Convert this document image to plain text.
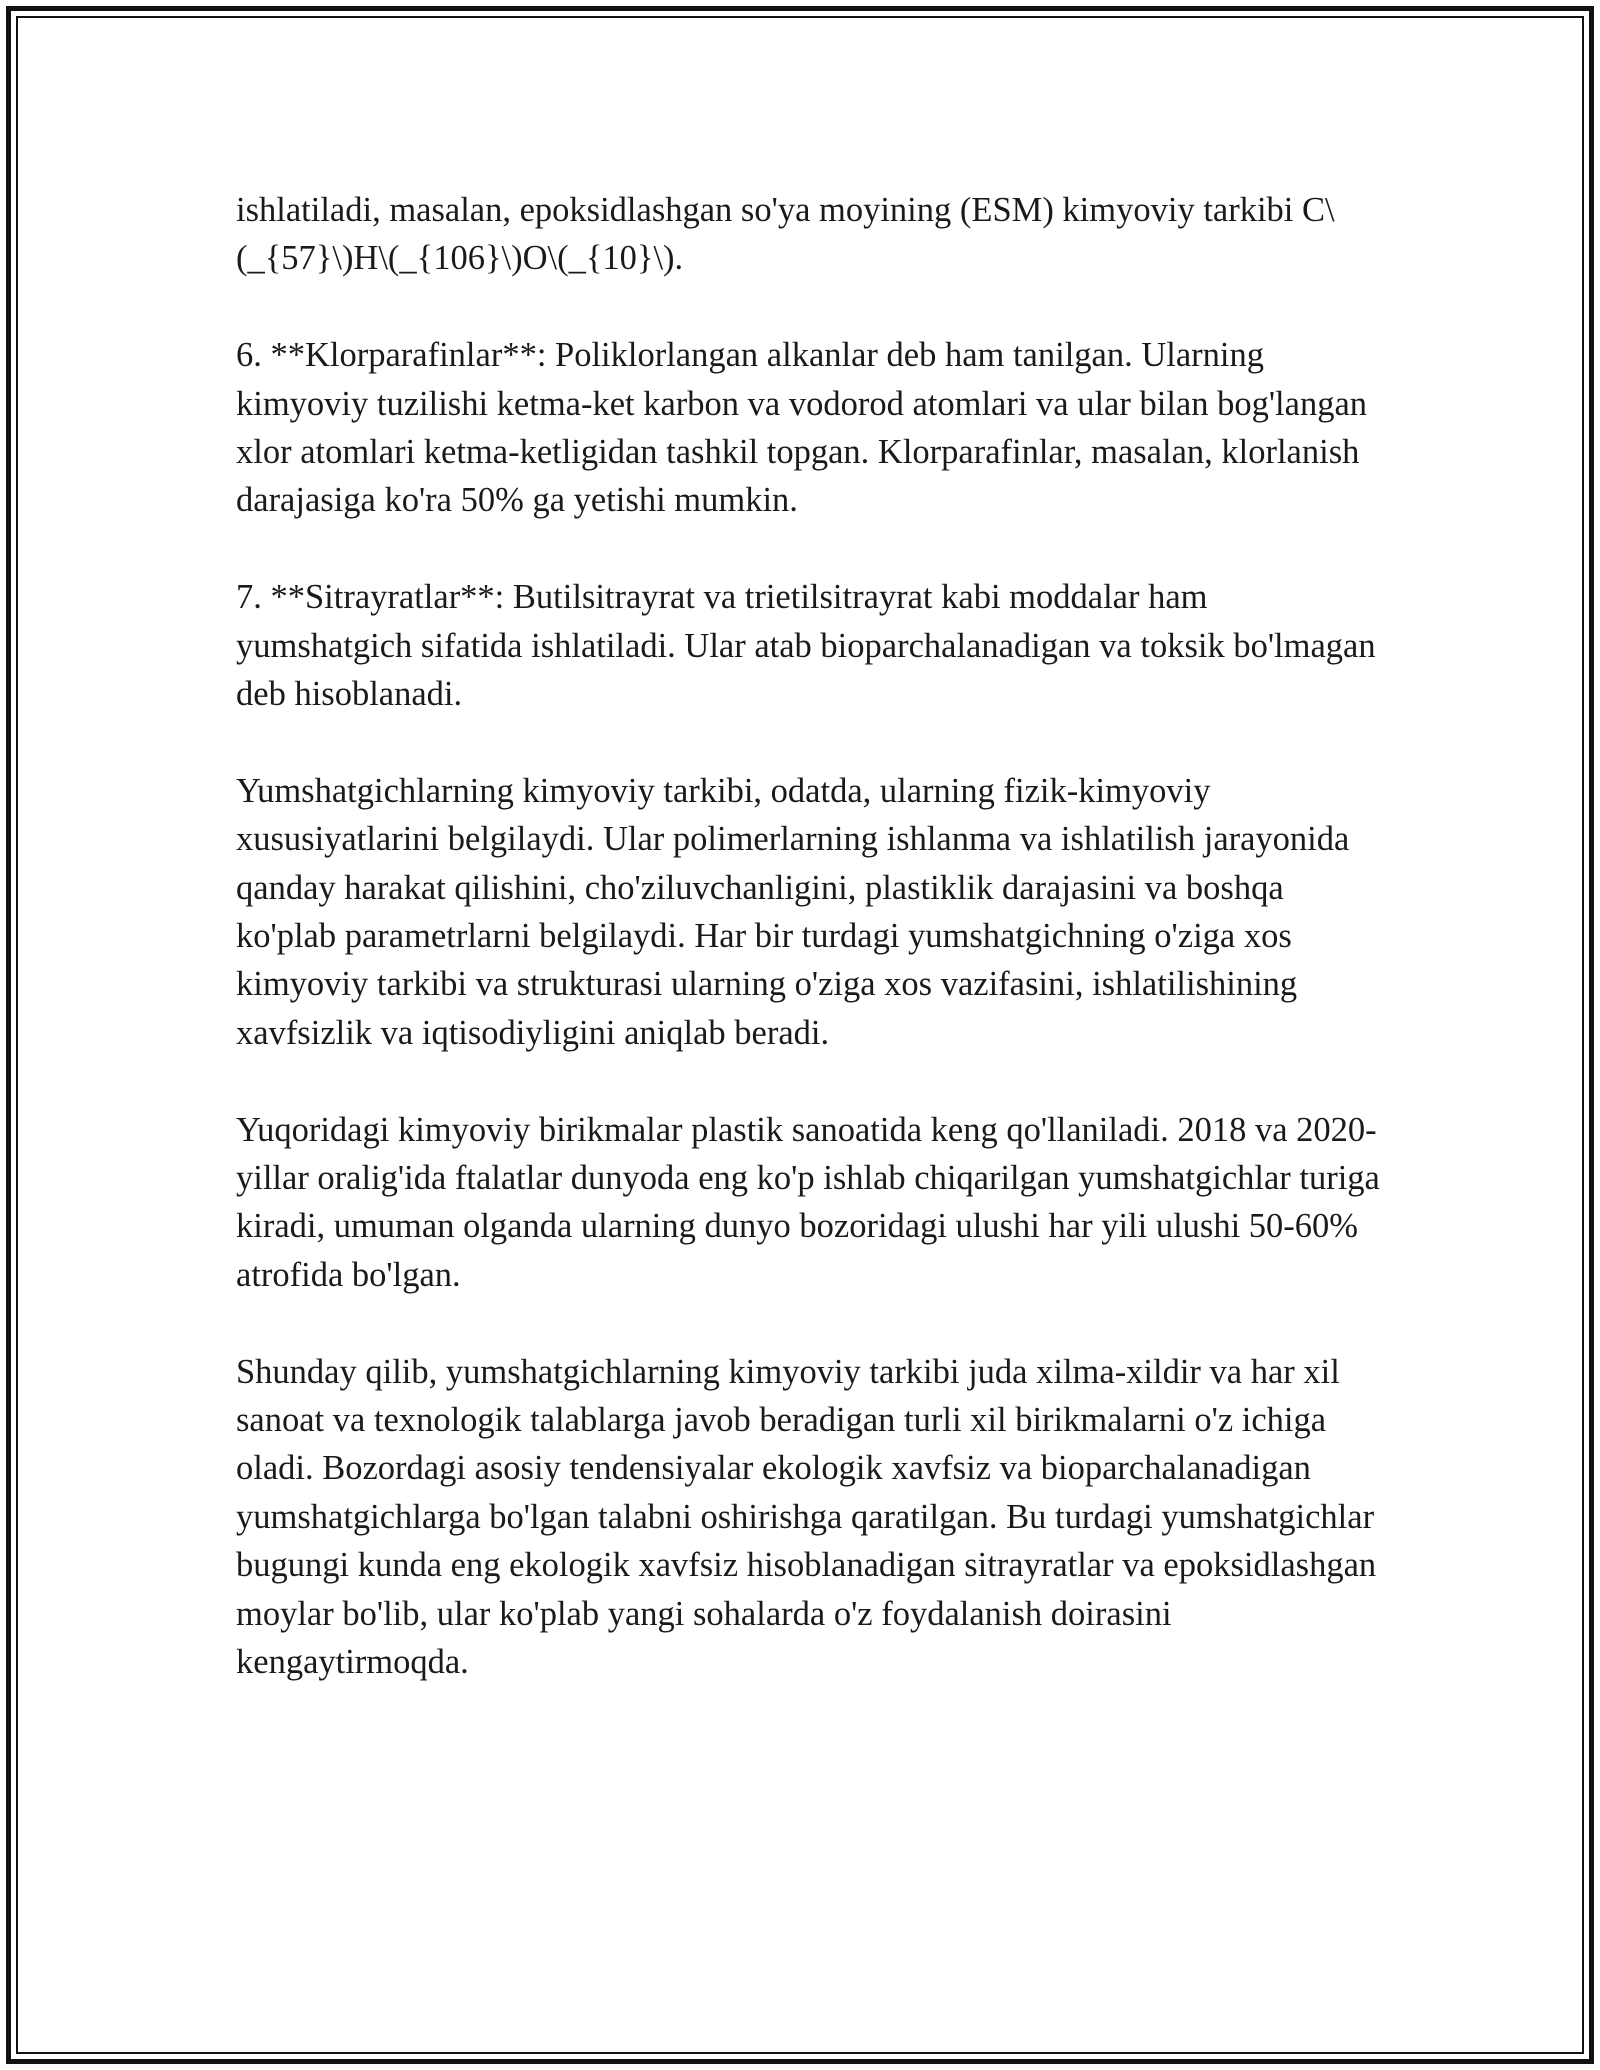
ishlatiladi, masalan, epoksidlashgan so'ya moyining (ESM) kimyoviy tarkibi C\(_{57}\)H\(_{106}\)O\(_{10}\).

6. **Klorparafinlar**: Poliklorlangan alkanlar deb ham tanilgan. Ularning kimyoviy tuzilishi ketma-ket karbon va vodorod atomlari va ular bilan bog'langan xlor atomlari ketma-ketligidan tashkil topgan. Klorparafinlar, masalan, klorlanish darajasiga ko'ra 50% ga yetishi mumkin.

7. **Sitrayratlar**: Butilsitrayrat va trietilsitrayrat kabi moddalar ham yumshatgich sifatida ishlatiladi. Ular atab bioparchalanadigan va toksik bo'lmagan deb hisoblanadi.

Yumshatgichlarning kimyoviy tarkibi, odatda, ularning fizik-kimyoviy xususiyatlarini belgilaydi. Ular polimerlarning ishlanma va ishlatilish jarayonida qanday harakat qilishini, cho'ziluvchanligini, plastiklik darajasini va boshqa ko'plab parametrlarni belgilaydi. Har bir turdagi yumshatgichning o'ziga xos kimyoviy tarkibi va strukturasi ularning o'ziga xos vazifasini, ishlatilishining xavfsizlik va iqtisodiyligini aniqlab beradi.

Yuqoridagi kimyoviy birikmalar plastik sanoatida keng qo'llaniladi. 2018 va 2020-yillar oralig'ida ftalatlar dunyoda eng ko'p ishlab chiqarilgan yumshatgichlar turiga kiradi, umuman olganda ularning dunyo bozoridagi ulushi har yili ulushi 50-60% atrofida bo'lgan.

Shunday qilib, yumshatgichlarning kimyoviy tarkibi juda xilma-xildir va har xil sanoat va texnologik talablarga javob beradigan turli xil birikmalarni o'z ichiga oladi. Bozordagi asosiy tendensiyalar ekologik xavfsiz va bioparchalanadigan yumshatgichlarga bo'lgan talabni oshirishga qaratilgan. Bu turdagi yumshatgichlar bugungi kunda eng ekologik xavfsiz hisoblanadigan sitrayratlar va epoksidlashgan moylar bo'lib, ular ko'plab yangi sohalarda o'z foydalanish doirasini kengaytirmoqda.
